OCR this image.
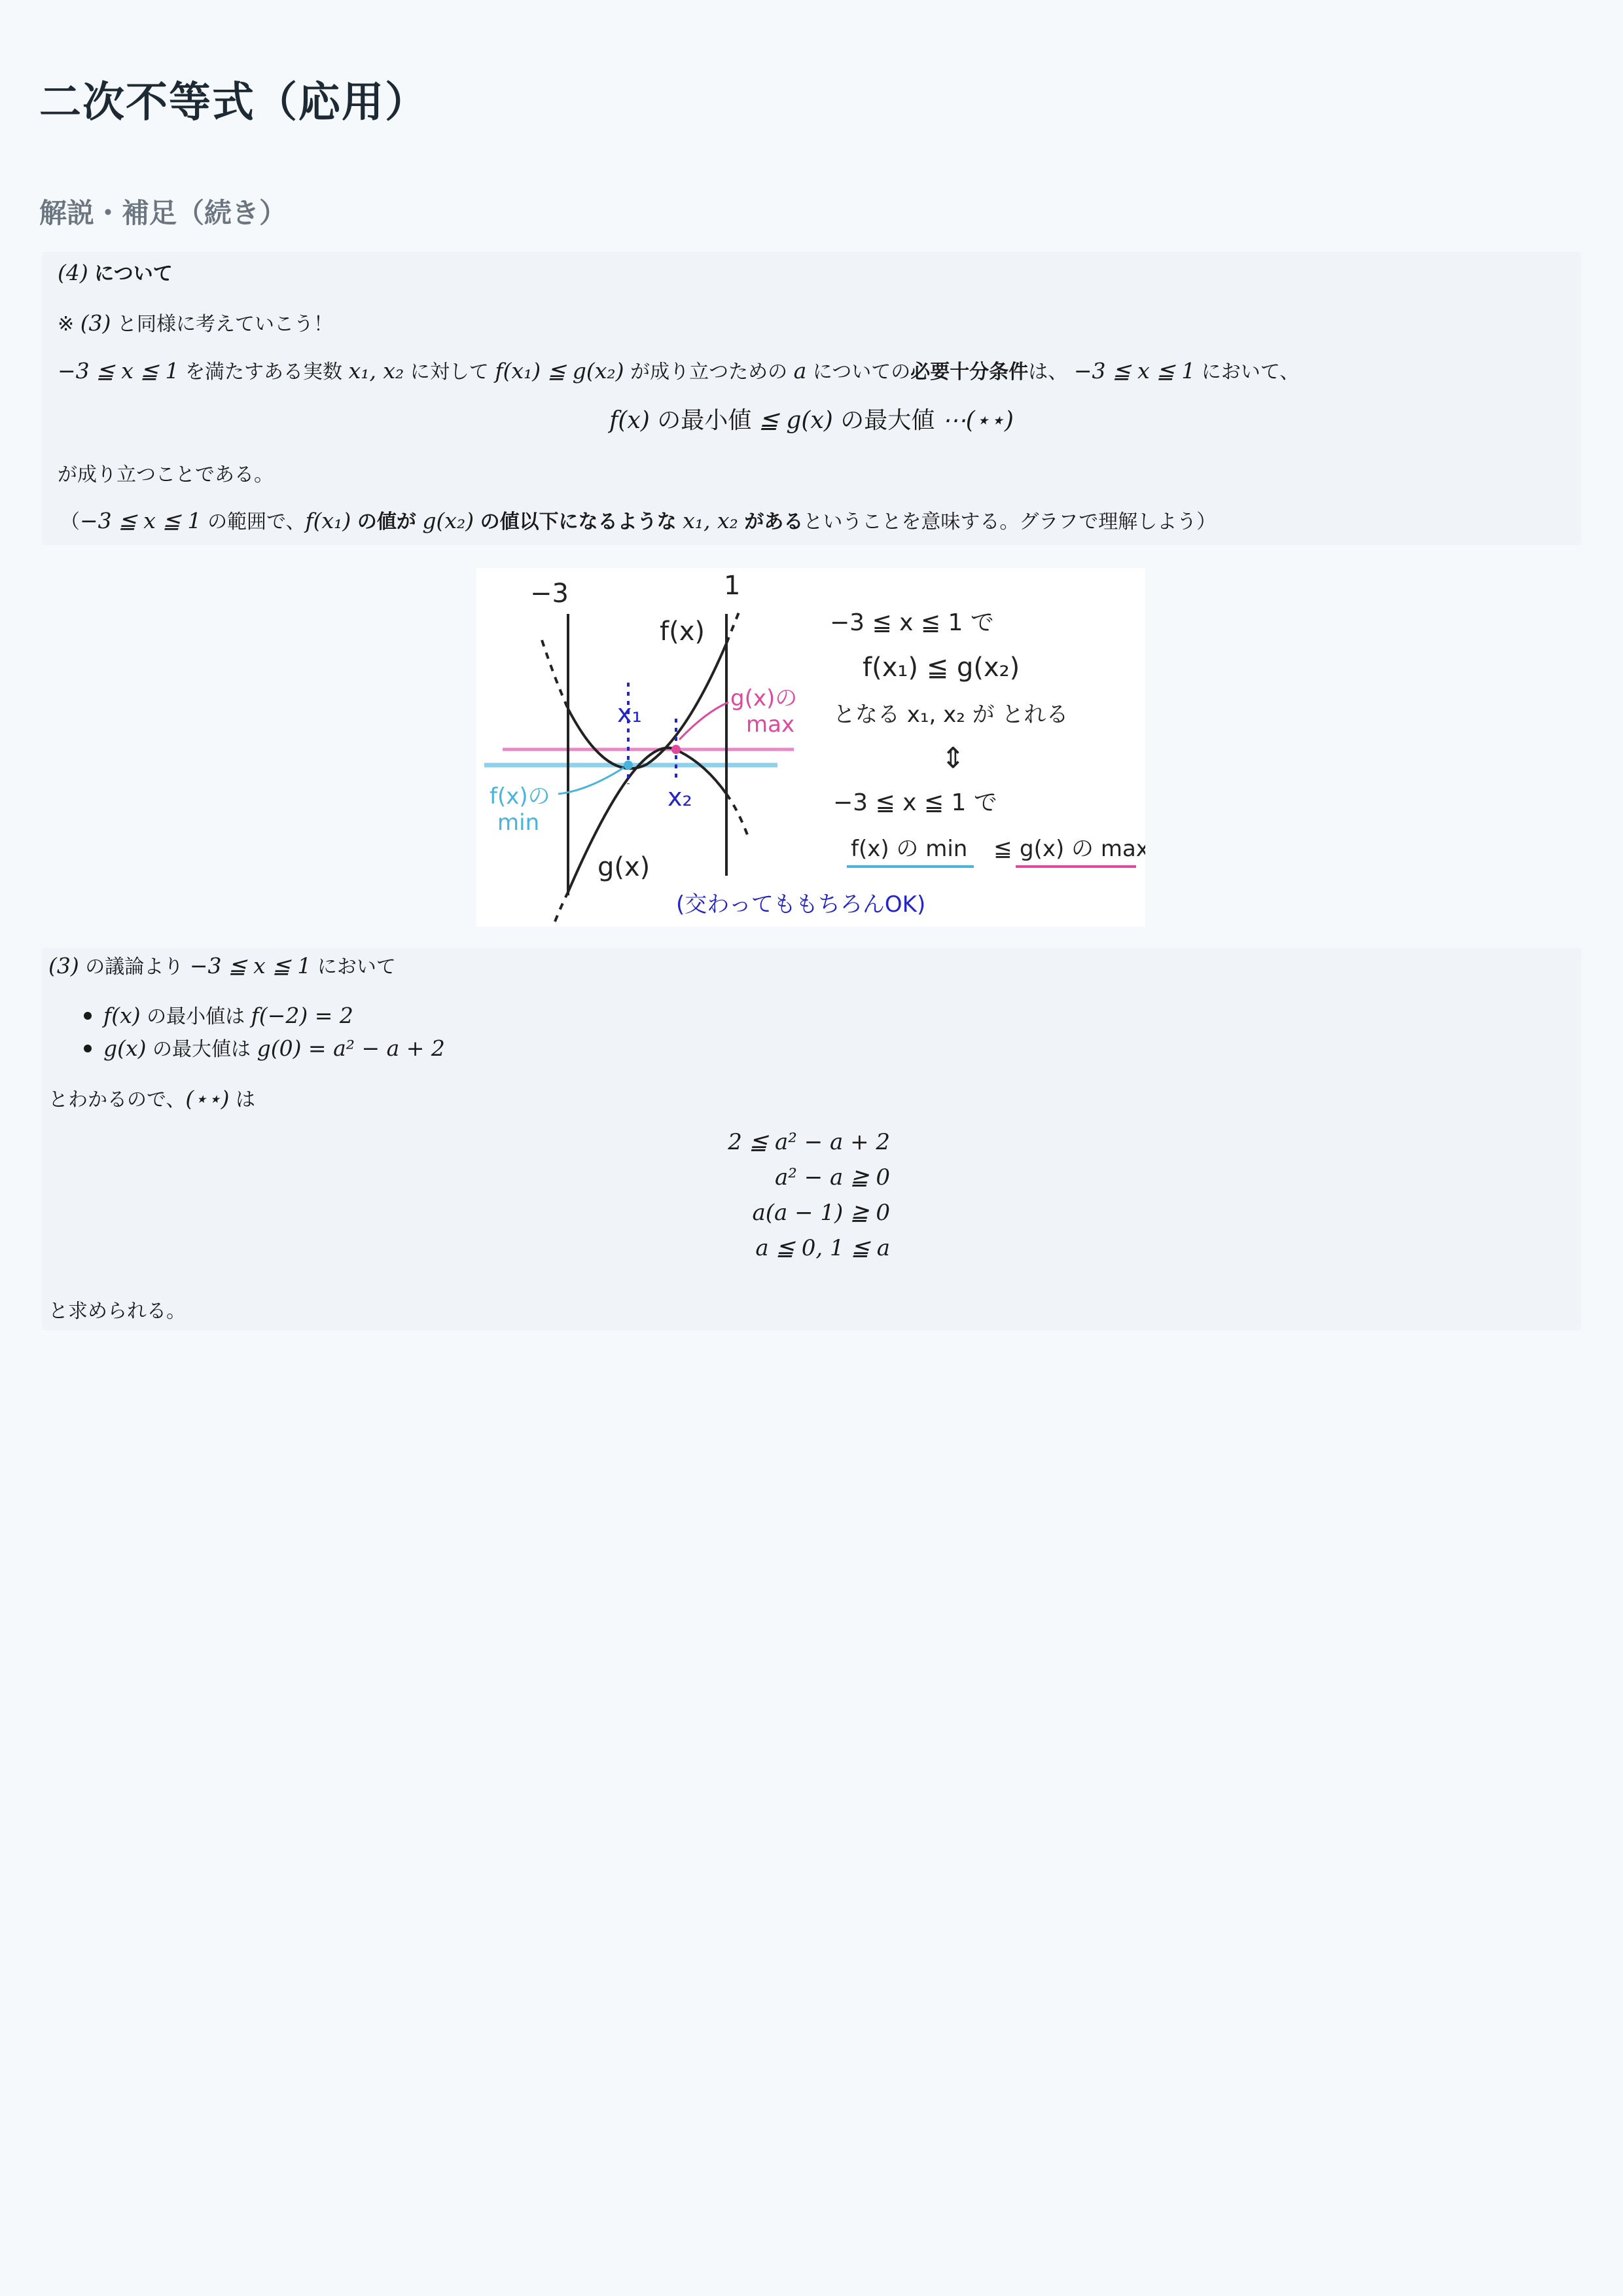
二次不等式（応用）
解説・補足（続き）
(4) について
※ (3) と同様に考えていこう！
−3 ≦ x ≦ 1 を満たすある実数 x₁, x₂ に対して f(x₁) ≦ g(x₂) が成り立つための a についての必要十分条件は、 −3 ≦ x ≦ 1 において、
f(x) の最小値 ≦ g(x) の最大値 ⋯(⋆⋆)
が成り立つことである。
（−3 ≦ x ≦ 1 の範囲で、f(x₁) の値が g(x₂) の値以下になるような x₁, x₂ があるということを意味する。グラフで理解しよう）
−3	1
f(x)
g(x)
x₁
x₂
g(x)の
max
f(x)の
min
−3 ≦ x ≦ 1 で
f(x₁) ≦ g(x₂)
となる x₁, x₂ が とれる
⇕
−3 ≦ x ≦ 1 で
f(x) の min ≦ g(x) の max
(交わってももちろんOK)
(3) の議論より −3 ≦ x ≦ 1 において
f(x) の最小値は f(−2) = 2
g(x) の最大値は g(0) = a² − a + 2
とわかるので、(⋆⋆) は
2 ≦ a² − a + 2
a² − a ≧ 0
a(a − 1) ≧ 0
a ≦ 0, 1 ≦ a
と求められる。
